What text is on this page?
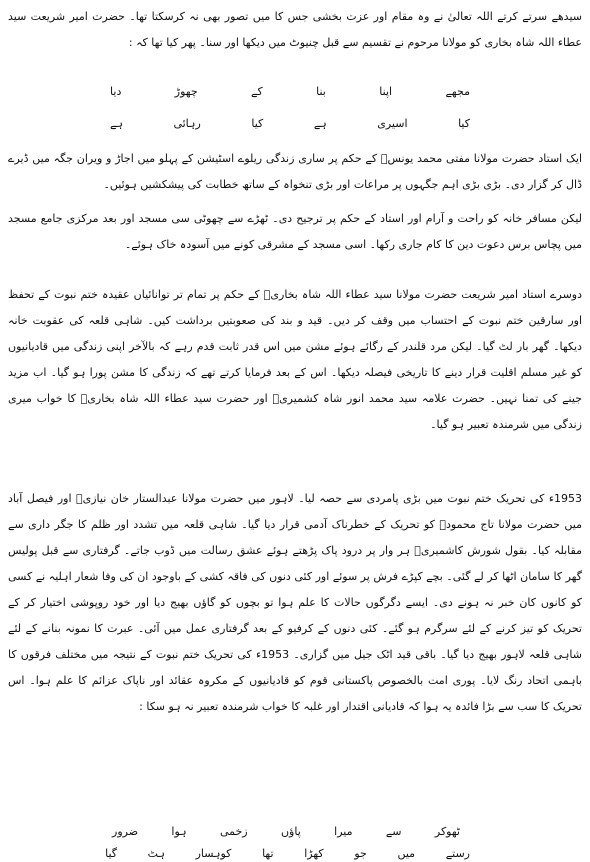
سیدھے سرتے کرتے اللہ تعالیٰ نے وہ مقام اور عزت بخشی جس کا میں تصور بھی نہ کرسکتا تھا۔ حضرت امیر شریعت سید عطاء اللہ شاہ بخاری کو مولانا مرحوم نے تقسیم سے قبل چنیوٹ میں دیکھا اور سنا۔ پھر کیا تھا کہ :

مجھے
اپنا
بنا
کے
چھوڑ
دیا
کیا
اسیری
ہے
کیا
رہائی
ہے

ایک استاد حضرت مولانا مفتی محمد یونسؒ کے حکم پر ساری زندگی ریلوے اسٹیشن کے پہلو میں اجاڑ و ویران جگہ میں ڈیرے ڈال کر گزار دی۔ بڑی بڑی اہم جگہوں پر مراعات اور بڑی تنخواہ کے ساتھ خطابت کی پیشکشیں ہوئیں۔

لیکن مسافر خانہ کو راحت و آرام اور استاد کے حکم پر ترجیح دی۔ ٹھڑے سے چھوٹی سی مسجد اور بعد مرکزی جامع مسجد میں پچاس برس دعوت دین کا کام جاری رکھا۔ اسی مسجد کے مشرقی کونے میں آسودہ خاک ہوئے۔

دوسرے استاد امیر شریعت حضرت مولانا سید عطاء اللہ شاہ بخاریؒ کے حکم پر تمام تر توانائیاں عقیدہ ختم نبوت کے تحفظ اور سارقین ختم نبوت کے احتساب میں وقف کر دیں۔ قید و بند کی صعوبتیں برداشت کیں۔ شاہی قلعہ کی عقوبت خانہ دیکھا۔ گھر بار لٹ گیا۔ لیکن مرد قلندر کے رگائے ہوئے مشن میں اس قدر ثابت قدم رہے کہ بالآخر اپنی زندگی میں قادیانیوں کو غیر مسلم اقلیت قرار دینے کا تاریخی فیصلہ دیکھا۔ اس کے بعد فرمایا کرتے تھے کہ زندگی کا مشن پورا ہو گیا۔ اب مزید جینے کی تمنا نہیں۔ حضرت علامہ سید محمد انور شاہ کشمیریؒ اور حضرت سید عطاء اللہ شاہ بخاریؒ کا خواب میری زندگی میں شرمندہ تعبیر ہو گیا۔

1953ء کی تحریک ختم نبوت میں بڑی پامردی سے حصہ لیا۔ لاہور میں حضرت مولانا عبدالستار خان نیازیؒ اور فیصل آباد میں حضرت مولانا تاج محمودؒ کو تحریک کے خطرناک آدمی قرار دیا گیا۔ شاہی قلعہ میں تشدد اور ظلم کا جگر داری سے مقابلہ کیا۔ بقول شورش کاشمیریؒ ہر وار پر درود پاک پڑھتے ہوئے عشق رسالت میں ڈوب جاتے۔ گرفتاری سے قبل پولیس گھر کا سامان اٹھا کر لے گئی۔ بچے کپڑے فرش پر سوئے اور کئی دنوں کی فاقہ کشی کے باوجود ان کی وفا شعار اہلیہ نے کسی کو کانوں کان خبر نہ ہونے دی۔ ایسے دگرگوں حالات کا علم ہوا تو بچوں کو گاؤں بھیج دیا اور خود روپوشی اختیار کر کے تحریک کو تیز کرنے کے لئے سرگرم ہو گئے۔ کئی دنوں کے کرفیو کے بعد گرفتاری عمل میں آئی۔ عبرت کا نمونہ بنانے کے لئے شاہی قلعہ لاہور بھیج دیا گیا۔ باقی قید اٹک جیل میں گزاری۔ 1953ء کی تحریک ختم نبوت کے نتیجہ میں مختلف فرقوں کا باہمی اتحاد رنگ لایا۔ پوری امت بالخصوص پاکستانی قوم کو قادیانیوں کے مکروہ عقائد اور ناپاک عزائم کا علم ہوا۔ اس تحریک کا سب سے بڑا فائدہ یہ ہوا کہ قادیانی اقتدار اور غلبہ کا خواب شرمندہ تعبیر نہ ہو سکا :

ٹھوکر
سے
میرا
پاؤں
زخمی
ہوا
ضرور
رستے
میں
جو
کھڑا
تھا
کوہسار
ہٹ
گیا
